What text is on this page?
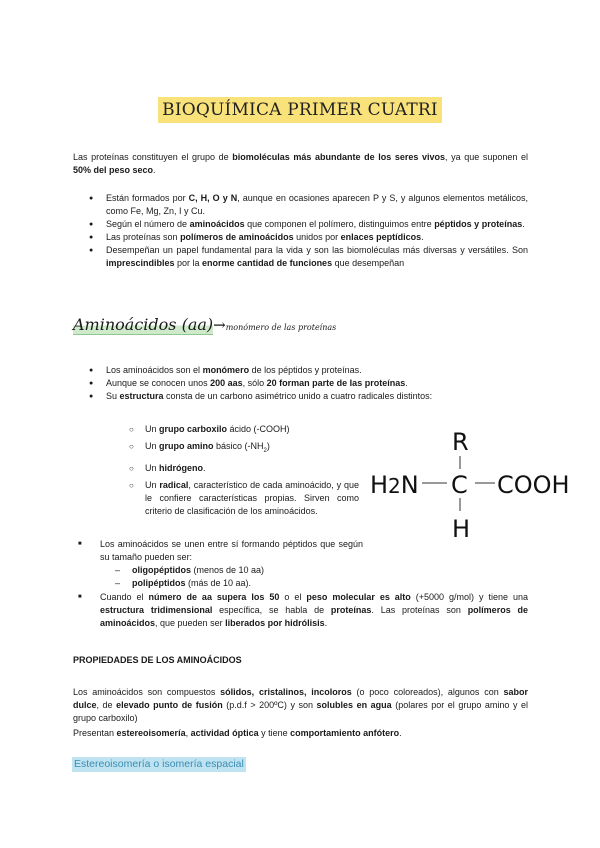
BIOQUÍMICA PRIMER CUATRI

Las proteínas constituyen el grupo de biomoléculas más abundante de los seres vivos, ya que suponen el 50% del peso seco.

● Están formados por C, H, O y N, aunque en ocasiones aparecen P y S, y algunos elementos metálicos, como Fe, Mg, Zn, I y Cu.

● Según el número de aminoácidos que componen el polímero, distinguimos entre péptidos y proteínas.

● Las proteínas son polímeros de aminoácidos unidos por enlaces peptídicos.

● Desempeñan un papel fundamental para la vida y son las biomoléculas más diversas y versátiles. Son imprescindibles por la enorme cantidad de funciones que desempeñan

Aminoácidos (aa)→monómero de las proteínas

● Los aminoácidos son el monómero de los péptidos y proteínas.

● Aunque se conocen unos 200 aas, sólo 20 forman parte de las proteínas.

● Su estructura consta de un carbono asimétrico unido a cuatro radicales distintos:

○ Un grupo carboxilo ácido (-COOH)

○ Un grupo amino básico $(-NH_2)$

○ Un hidrógeno.

○ Un radical, característico de cada aminoácido, y que le confiere características propias. Sirven como criterio de clasificación de los aminoácidos.

R
H2N C COOH
H

■ Los aminoácidos se unen entre sí formando péptidos que según su tamaño pueden ser:

– oligopéptidos (menos de 10 aa)

– polipéptidos (más de 10 aa).

■ Cuando el número de aa supera los 50 o el peso molecular es alto (+5000 g/mol) y tiene una estructura tridimensional específica, se habla de proteínas. Las proteínas son polímeros de aminoácidos, que pueden ser liberados por hidrólisis.

PROPIEDADES DE LOS AMINOÁCIDOS

Los aminoácidos son compuestos sólidos, cristalinos, incoloros (o poco coloreados), algunos con sabor dulce, de elevado punto de fusión (p.d.f > 200ºC) y son solubles en agua (polares por el grupo amino y el grupo carboxilo)

Presentan estereoisomería, actividad óptica y tiene comportamiento anfótero.

Estereoisomería o isomería espacial
